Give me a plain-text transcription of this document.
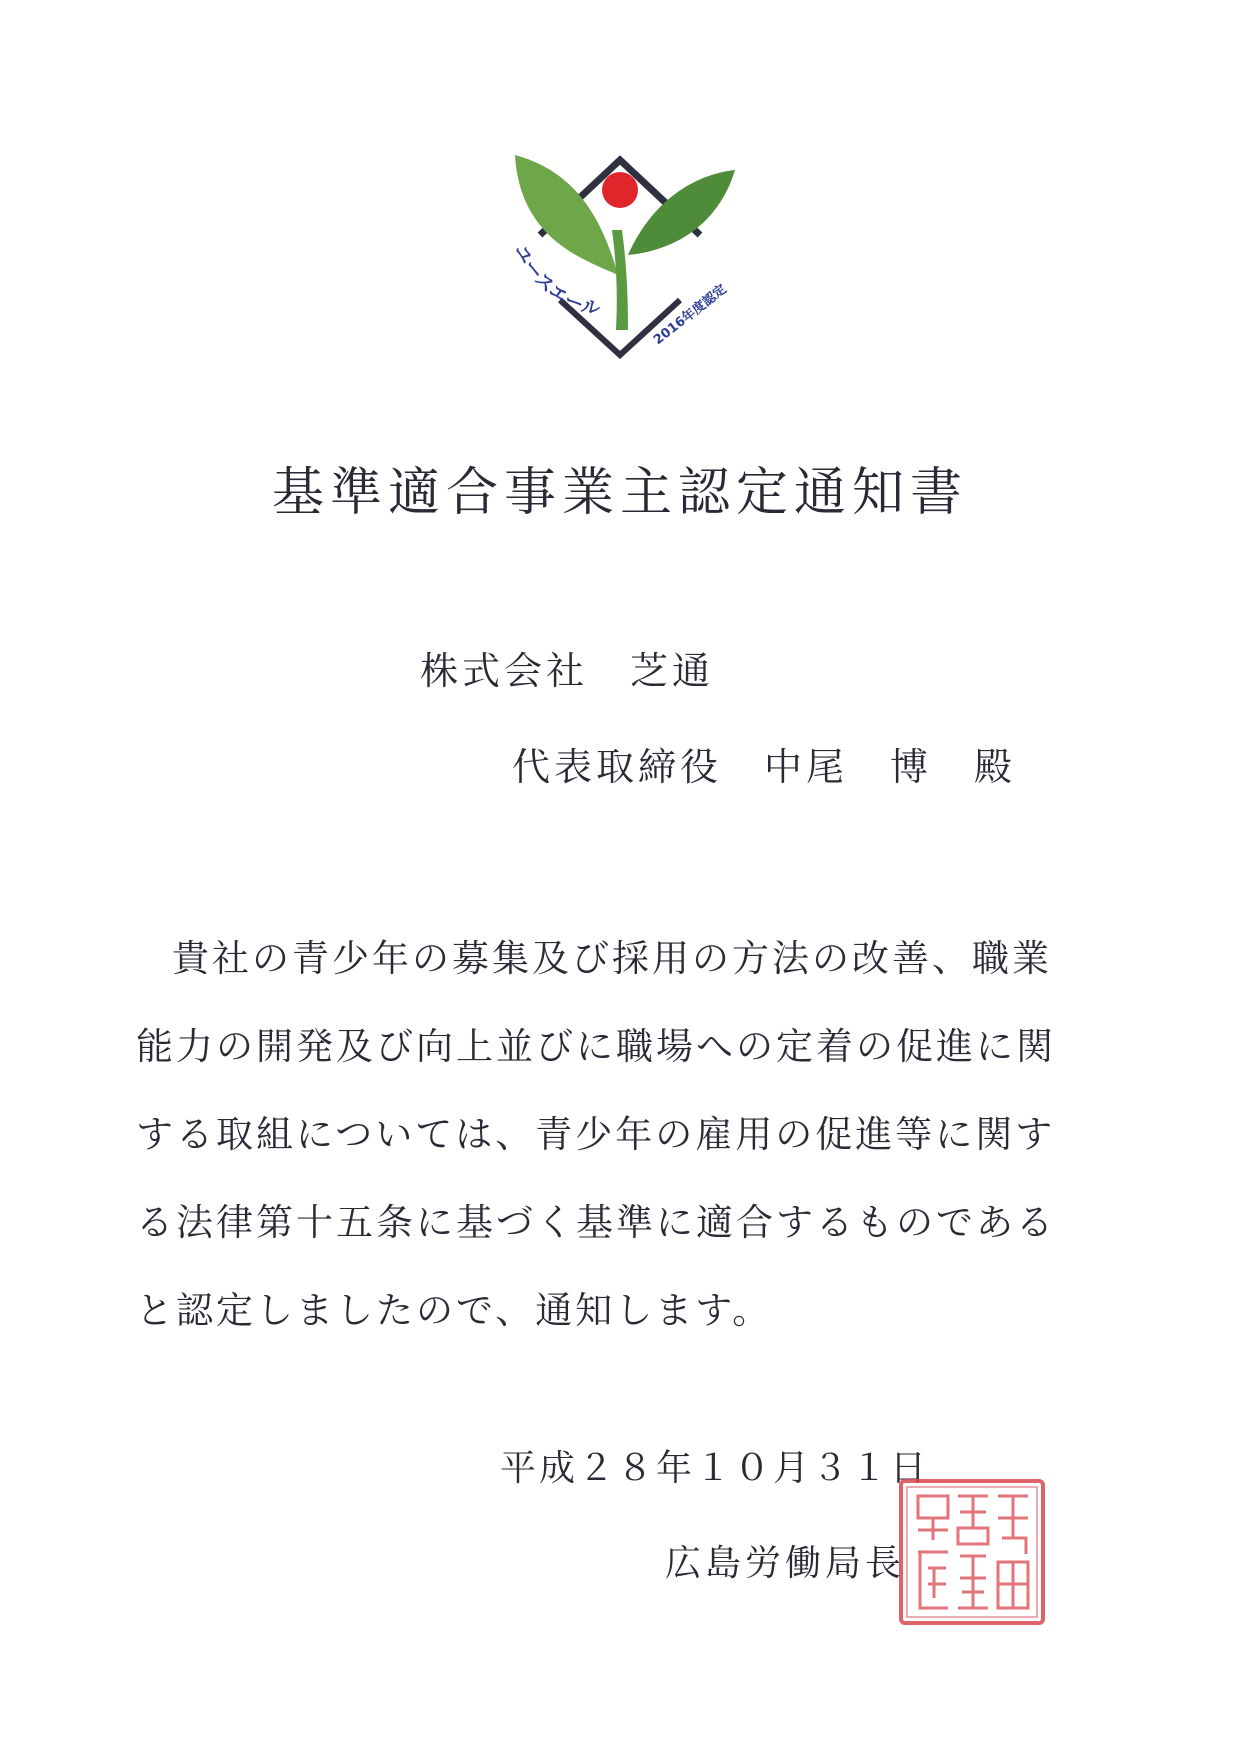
ユースエール	2016年度認定
基準適合事業主認定通知書
株式会社　芝通
代表取締役　中尾　博　殿
貴社の青少年の募集及び採用の方法の改善、職業
能力の開発及び向上並びに職場への定着の促進に関
する取組については、青少年の雇用の促進等に関す
る法律第十五条に基づく基準に適合するものである
と認定しましたので、通知します。
平成２８年１０月３１日
広島労働局長
